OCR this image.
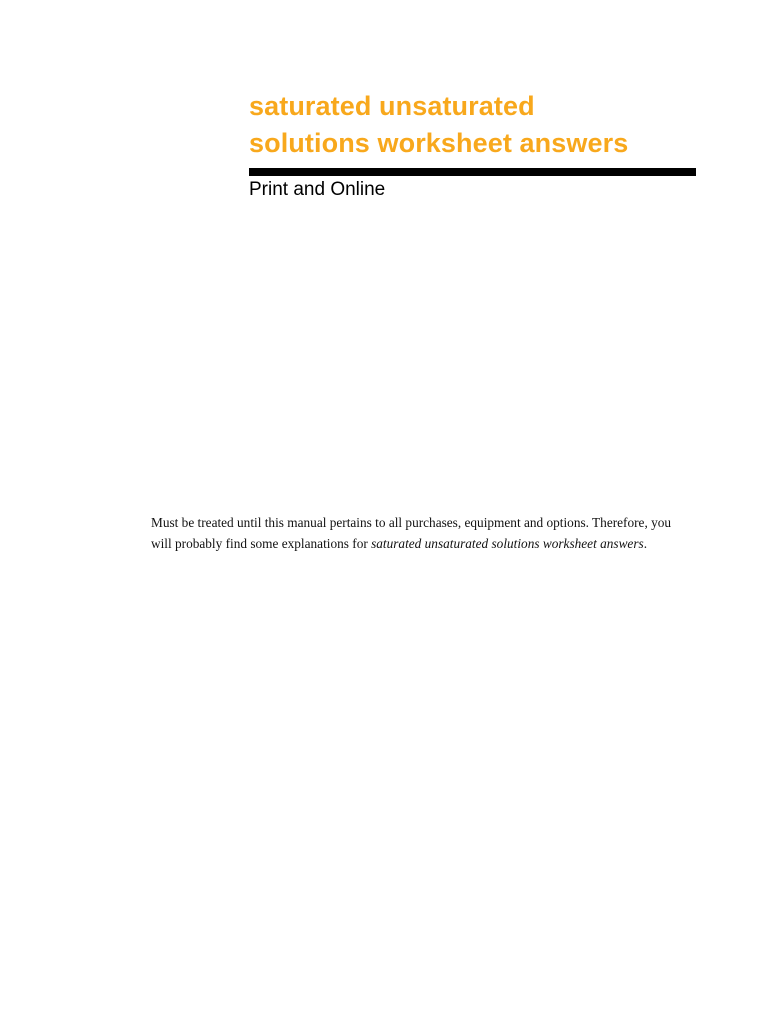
saturated unsaturated
solutions worksheet answers

Print and Online

Must be treated until this manual pertains to all purchases, equipment and options. Therefore, you
will probably find some explanations for saturated unsaturated solutions worksheet answers.
